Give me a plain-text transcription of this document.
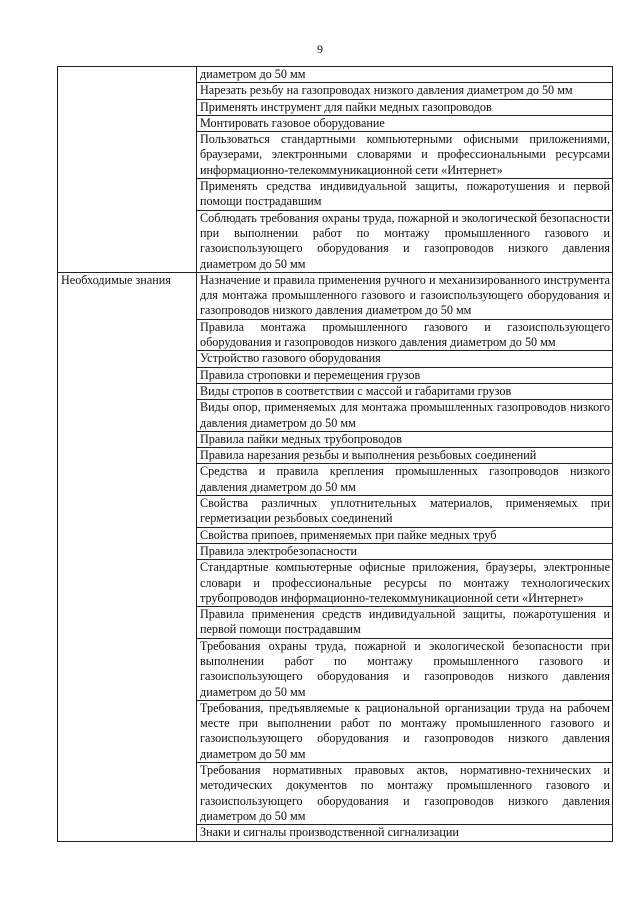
9
	диаметром до 50 мм
	Нарезать резьбу на газопроводах низкого давления диаметром до 50 мм
	Применять инструмент для пайки медных газопроводов
	Монтировать газовое оборудование
	Пользоваться стандартными компьютерными офисными приложениями, браузерами, электронными словарями и профессиональными ресурсами информационно-телекоммуникационной сети «Интернет»
	Применять средства индивидуальной защиты, пожаротушения и первой помощи пострадавшим
	Соблюдать требования охраны труда, пожарной и экологической безопасности при выполнении работ по монтажу промышленного газового и газоиспользующего оборудования и газопроводов низкого давления диаметром до 50 мм
Необходимые знания	Назначение и правила применения ручного и механизированного инструмента для монтажа промышленного газового и газоиспользующего оборудования и газопроводов низкого давления диаметром до 50 мм
	Правила монтажа промышленного газового и газоиспользующего оборудования и газопроводов низкого давления диаметром до 50 мм
	Устройство газового оборудования
	Правила строповки и перемещения грузов
	Виды стропов в соответствии с массой и габаритами грузов
	Виды опор, применяемых для монтажа промышленных газопроводов низкого давления диаметром до 50 мм
	Правила пайки медных трубопроводов
	Правила нарезания резьбы и выполнения резьбовых соединений
	Средства и правила крепления промышленных газопроводов низкого давления диаметром до 50 мм
	Свойства различных уплотнительных материалов, применяемых при герметизации резьбовых соединений
	Свойства припоев, применяемых при пайке медных труб
	Правила электробезопасности
	Стандартные компьютерные офисные приложения, браузеры, электронные словари и профессиональные ресурсы по монтажу технологических трубопроводов информационно-телекоммуникационной сети «Интернет»
	Правила применения средств индивидуальной защиты, пожаротушения и первой помощи пострадавшим
	Требования охраны труда, пожарной и экологической безопасности при выполнении работ по монтажу промышленного газового и газоиспользующего оборудования и газопроводов низкого давления диаметром до 50 мм
	Требования, предъявляемые к рациональной организации труда на рабочем месте при выполнении работ по монтажу промышленного газового и газоиспользующего оборудования и газопроводов низкого давления диаметром до 50 мм
	Требования нормативных правовых актов, нормативно-технических и методических документов по монтажу промышленного газового и газоиспользующего оборудования и газопроводов низкого давления диаметром до 50 мм
	Знаки и сигналы производственной сигнализации
